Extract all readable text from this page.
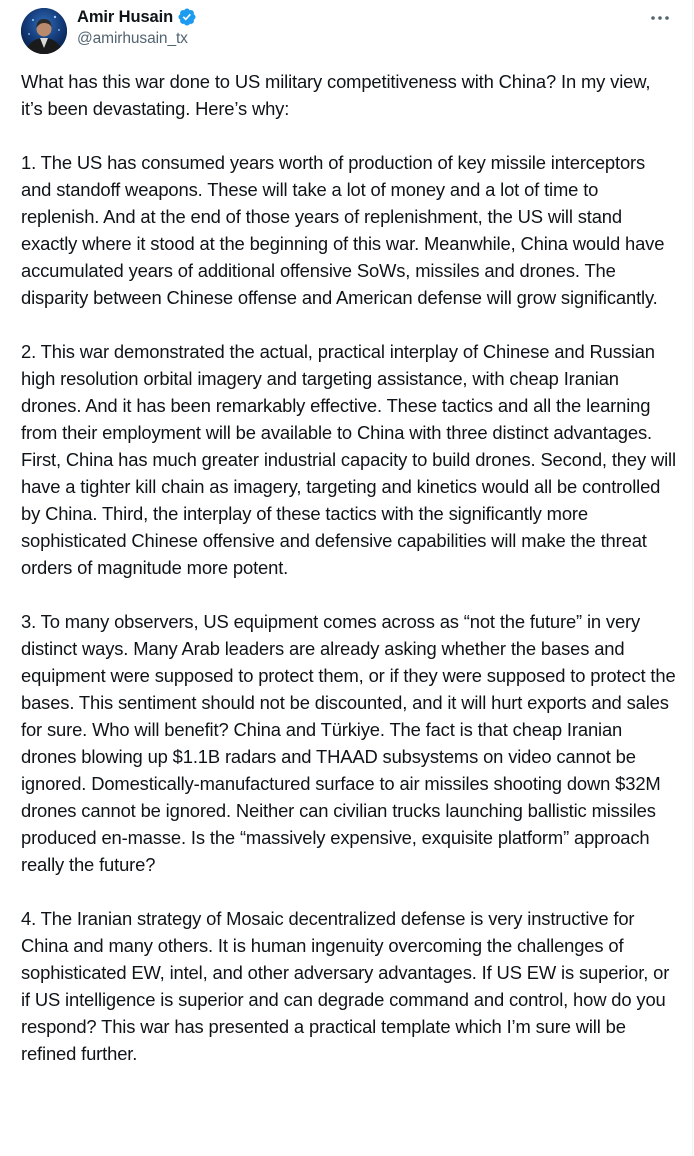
Amir Husain
@amirhusain_tx

What has this war done to US military competitiveness with China? In my view, it’s been devastating. Here’s why:

1. The US has consumed years worth of production of key missile interceptors and standoff weapons. These will take a lot of money and a lot of time to replenish. And at the end of those years of replenishment, the US will stand exactly where it stood at the beginning of this war. Meanwhile, China would have accumulated years of additional offensive SoWs, missiles and drones. The disparity between Chinese offense and American defense will grow significantly.

2. This war demonstrated the actual, practical interplay of Chinese and Russian high resolution orbital imagery and targeting assistance, with cheap Iranian drones. And it has been remarkably effective. These tactics and all the learning from their employment will be available to China with three distinct advantages. First, China has much greater industrial capacity to build drones. Second, they will have a tighter kill chain as imagery, targeting and kinetics would all be controlled by China. Third, the interplay of these tactics with the significantly more sophisticated Chinese offensive and defensive capabilities will make the threat orders of magnitude more potent.

3. To many observers, US equipment comes across as “not the future” in very distinct ways. Many Arab leaders are already asking whether the bases and equipment were supposed to protect them, or if they were supposed to protect the bases. This sentiment should not be discounted, and it will hurt exports and sales for sure. Who will benefit? China and Türkiye. The fact is that cheap Iranian drones blowing up $1.1B radars and THAAD subsystems on video cannot be ignored. Domestically-manufactured surface to air missiles shooting down $32M drones cannot be ignored. Neither can civilian trucks launching ballistic missiles produced en-masse. Is the “massively expensive, exquisite platform” approach really the future?

4. The Iranian strategy of Mosaic decentralized defense is very instructive for China and many others. It is human ingenuity overcoming the challenges of sophisticated EW, intel, and other adversary advantages. If US EW is superior, or if US intelligence is superior and can degrade command and control, how do you respond? This war has presented a practical template which I’m sure will be refined further.
